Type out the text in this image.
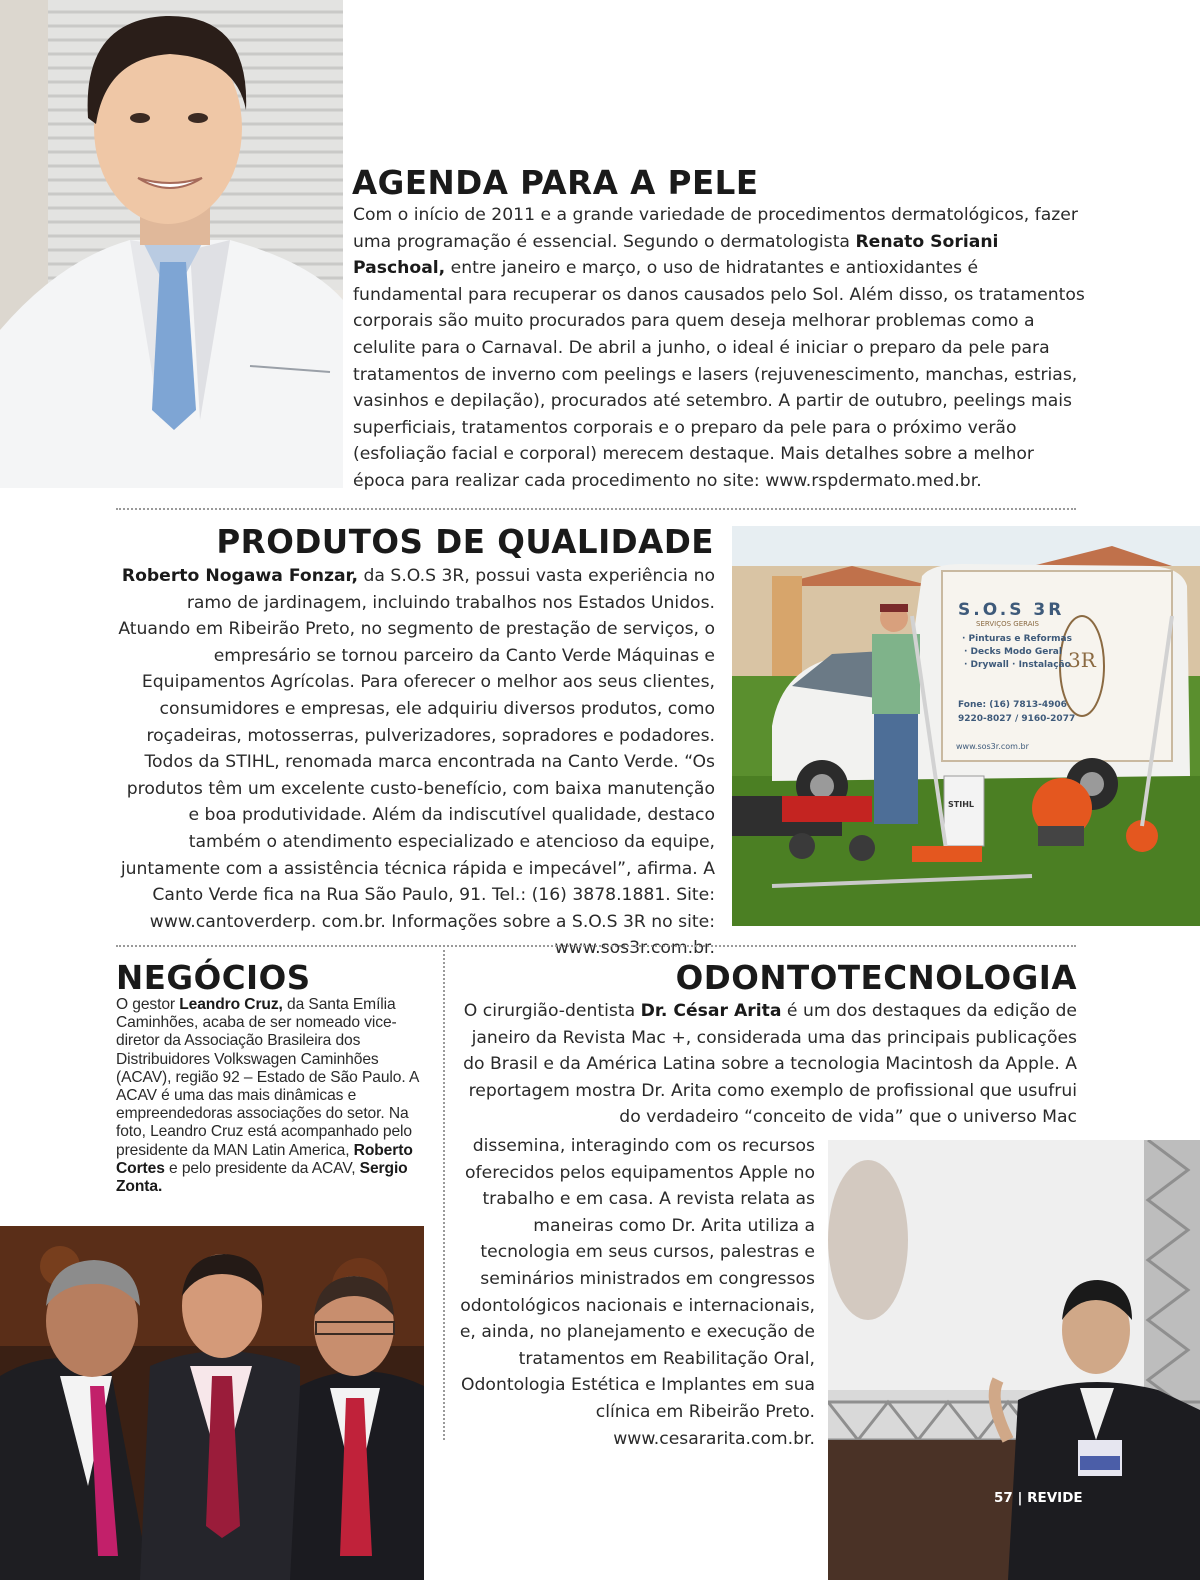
AGENDA PARA A PELE

Com o início de 2011 e a grande variedade de procedimentos dermatológicos, fazer uma programação é essencial. Segundo o dermatologista Renato Soriani Paschoal, entre janeiro e março, o uso de hidratantes e antioxidantes é fundamental para recuperar os danos causados pelo Sol. Além disso, os tratamentos corporais são muito procurados para quem deseja melhorar problemas como a celulite para o Carnaval. De abril a junho, o ideal é iniciar o preparo da pele para tratamentos de inverno com peelings e lasers (rejuvenescimento, manchas, estrias, vasinhos e depilação), procurados até setembro. A partir de outubro, peelings mais superficiais, tratamentos corporais e o preparo da pele para o próximo verão (esfoliação facial e corporal) merecem destaque. Mais detalhes sobre a melhor época para realizar cada procedimento no site: www.rspdermato.med.br.

PRODUTOS DE QUALIDADE

Roberto Nogawa Fonzar, da S.O.S 3R, possui vasta experiência no ramo de jardinagem, incluindo trabalhos nos Estados Unidos. Atuando em Ribeirão Preto, no segmento de prestação de serviços, o empresário se tornou parceiro da Canto Verde Máquinas e Equipamentos Agrícolas. Para oferecer o melhor aos seus clientes, consumidores e empresas, ele adquiriu diversos produtos, como roçadeiras, motosserras, pulverizadores, sopradores e podadores. Todos da STIHL, renomada marca encontrada na Canto Verde. “Os produtos têm um excelente custo-benefício, com baixa manutenção e boa produtividade. Além da indiscutível qualidade, destaco também o atendimento especializado e atencioso da equipe, juntamente com a assistência técnica rápida e impecável”, afirma. A Canto Verde fica na Rua São Paulo, 91. Tel.: (16) 3878.1881. Site: www.cantoverderp. com.br. Informações sobre a S.O.S 3R no site: www.sos3r.com.br.

S.O.S 3R
SERVIÇOS GERAIS
· Pinturas e Reformas
· Decks Modo Geral
· Drywall · Instalação
3R
Fone: (16) 7813-4906
9220-8027 / 9160-2077
www.sos3r.com.br
STIHL
NEGÓCIOS
O gestor Leandro Cruz, da Santa Emília Caminhões, acaba de ser nomeado vice-diretor da Associação Brasileira dos Distribuidores Volkswagen Caminhões (ACAV), região 92 – Estado de São Paulo. A ACAV é uma das mais dinâmicas e empreendedoras associações do setor. Na foto, Leandro Cruz está acompanhado pelo presidente da MAN Latin America, Roberto Cortes e pelo presidente da ACAV, Sergio Zonta.
ODONTOTECNOLOGIA

O cirurgião-dentista Dr. César Arita é um dos destaques da edição de janeiro da Revista Mac +, considerada uma das principais publicações do Brasil e da América Latina sobre a tecnologia Macintosh da Apple. A reportagem mostra Dr. Arita como exemplo de profissional que usufrui do verdadeiro “conceito de vida” que o universo Mac

dissemina, interagindo com os recursos oferecidos pelos equipamentos Apple no trabalho e em casa. A revista relata as maneiras como Dr. Arita utiliza a tecnologia em seus cursos, palestras e seminários ministrados em congressos odontológicos nacionais e internacionais, e, ainda, no planejamento e execução de tratamentos em Reabilitação Oral, Odontologia Estética e Implantes em sua clínica em Ribeirão Preto. www.cesararita.com.br.

57 | REVIDE
